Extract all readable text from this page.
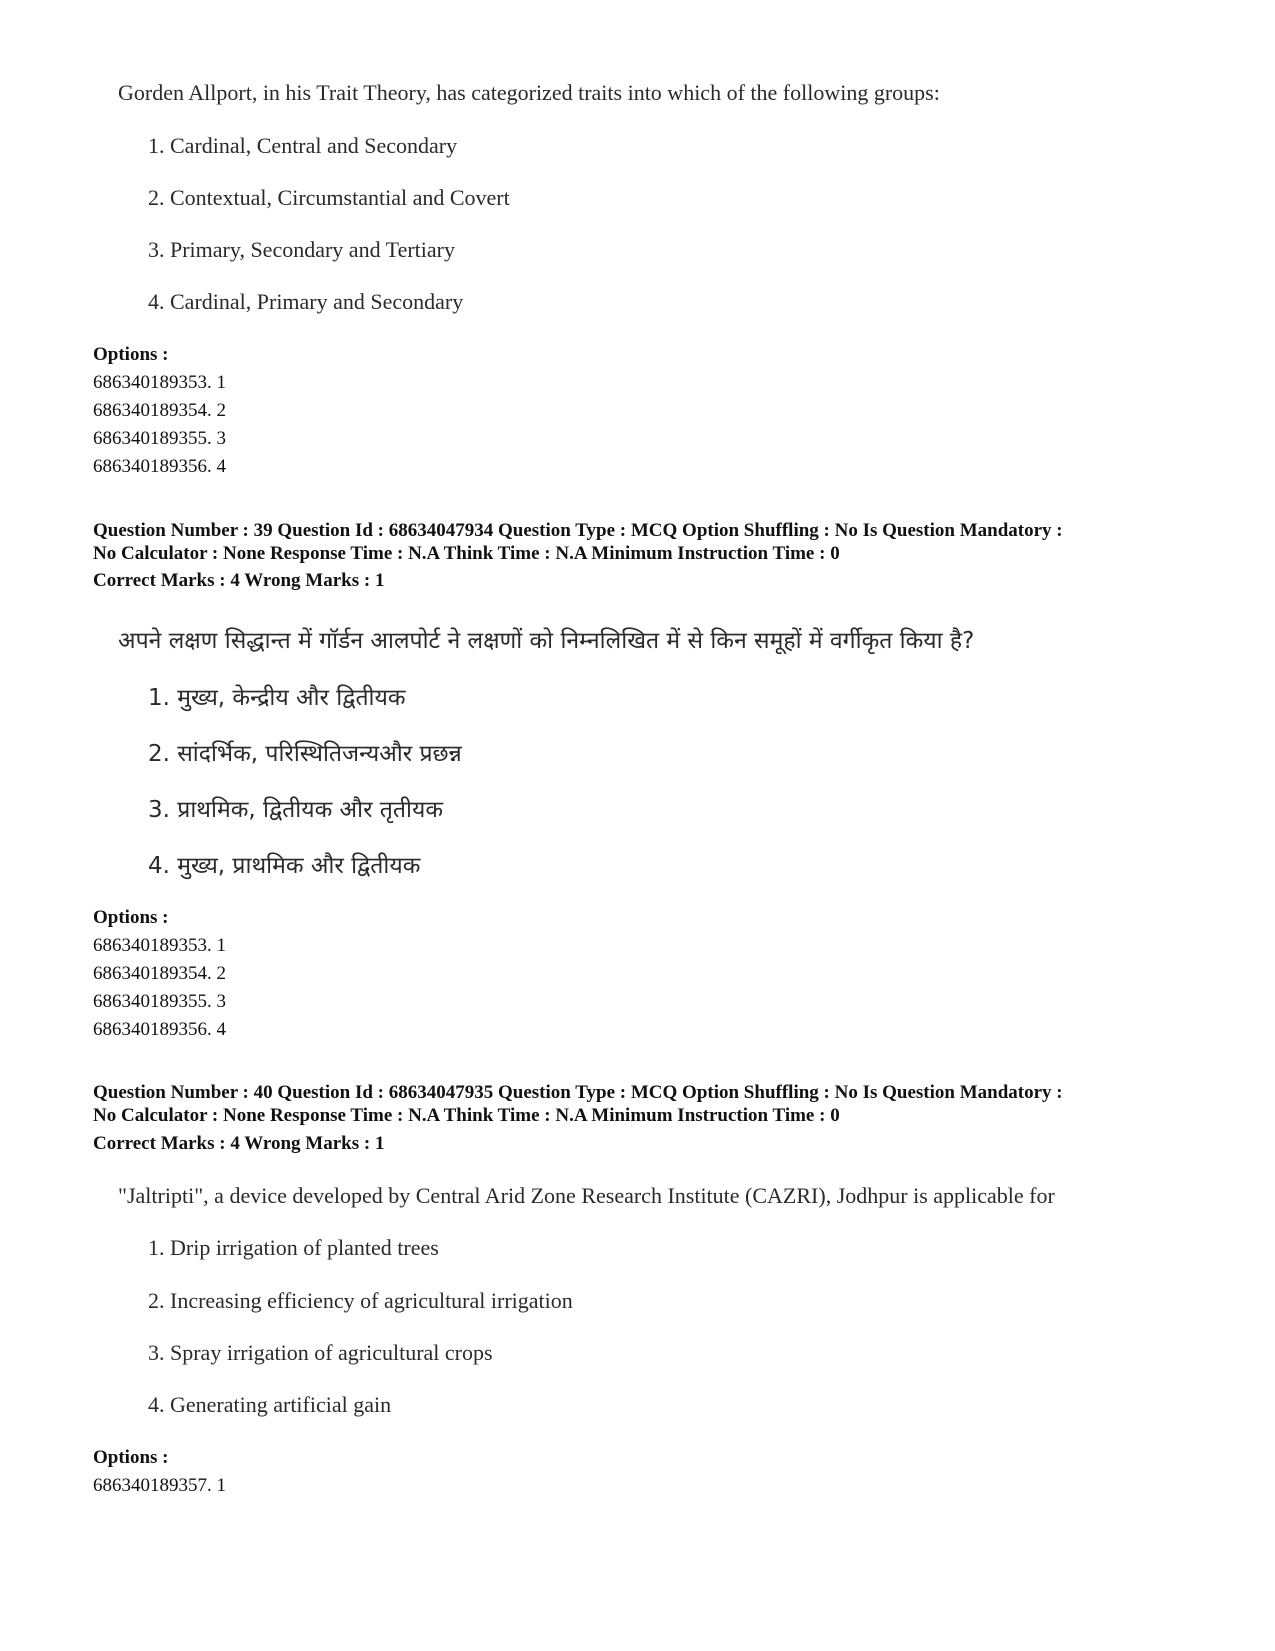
Gorden Allport, in his Trait Theory, has categorized traits into which of the following groups:
1. Cardinal, Central and Secondary
2. Contextual, Circumstantial and Covert
3. Primary, Secondary and Tertiary
4. Cardinal, Primary and Secondary
Options :
686340189353. 1
686340189354. 2
686340189355. 3
686340189356. 4
Question Number : 39 Question Id : 68634047934 Question Type : MCQ Option Shuffling : No Is Question Mandatory :
No Calculator : None Response Time : N.A Think Time : N.A Minimum Instruction Time : 0
Correct Marks : 4 Wrong Marks : 1
अपने लक्षण सिद्धान्त में गॉर्डन आलपोर्ट ने लक्षणों को निम्नलिखित में से किन समूहों में वर्गीकृत किया है?
1. मुख्य, केन्द्रीय और द्वितीयक
2. सांदर्भिक, परिस्थितिजन्यऔर प्रछन्न
3. प्राथमिक, द्वितीयक और तृतीयक
4. मुख्य, प्राथमिक और द्वितीयक
Options :
686340189353. 1
686340189354. 2
686340189355. 3
686340189356. 4
Question Number : 40 Question Id : 68634047935 Question Type : MCQ Option Shuffling : No Is Question Mandatory :
No Calculator : None Response Time : N.A Think Time : N.A Minimum Instruction Time : 0
Correct Marks : 4 Wrong Marks : 1
"Jaltripti", a device developed by Central Arid Zone Research Institute (CAZRI), Jodhpur is applicable for
1. Drip irrigation of planted trees
2. Increasing efficiency of agricultural irrigation
3. Spray irrigation of agricultural crops
4. Generating artificial gain
Options :
686340189357. 1
